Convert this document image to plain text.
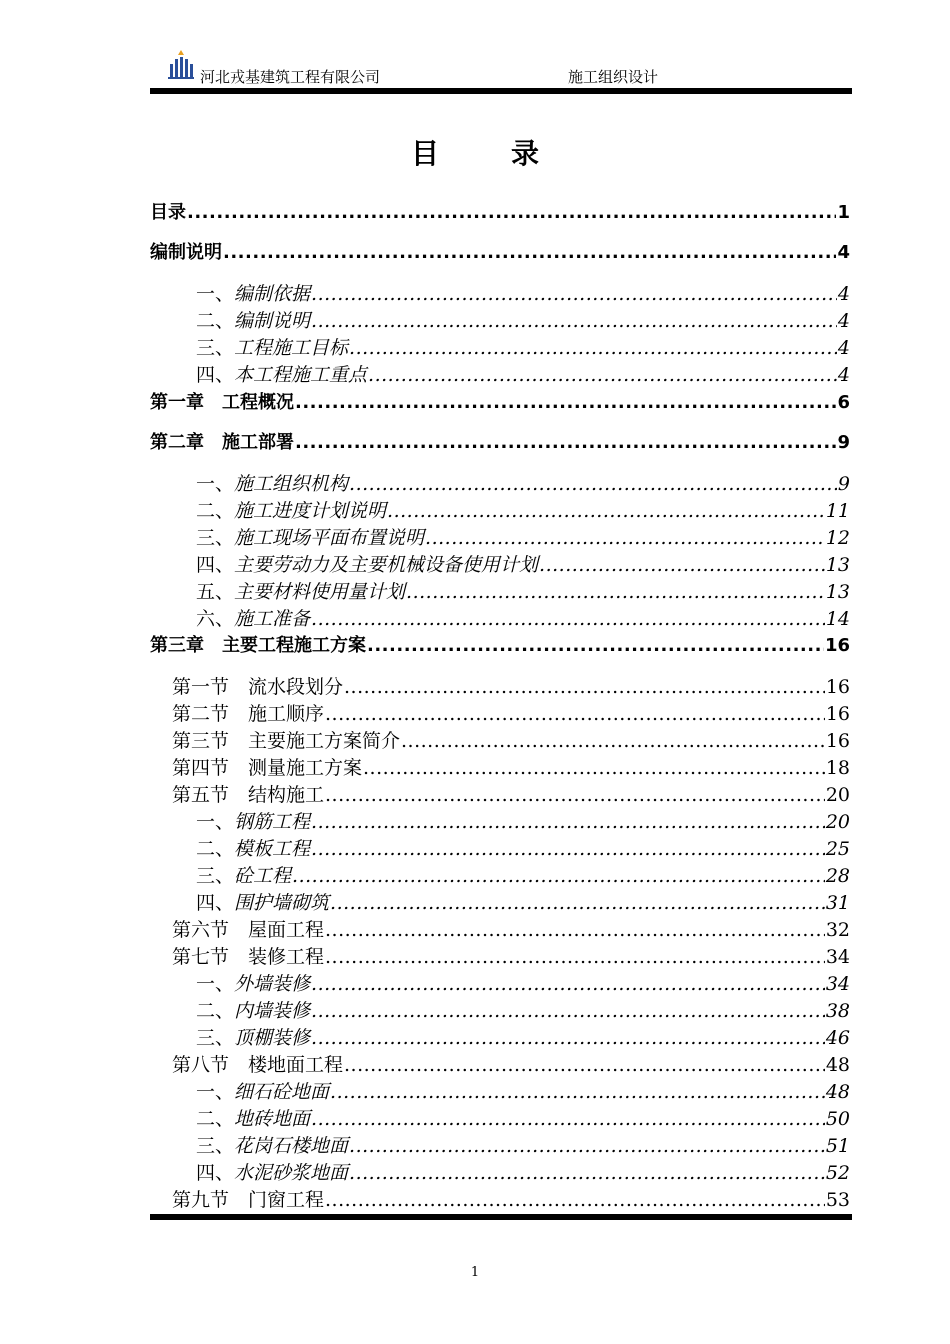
河北戎基建筑工程有限公司	施工组织设计
目录
目录 .....	1
编制说明 .....	4
一、编制依据 .....	4
二、编制说明 .....	4
三、工程施工目标 .....	4
四、本工程施工重点 .....	4
第一章　工程概况 .....	6
第二章　施工部署 .....	9
一、施工组织机构 .....	9
二、施工进度计划说明 .....	11
三、施工现场平面布置说明 .....	12
四、主要劳动力及主要机械设备使用计划 .....	13
五、主要材料使用量计划 .....	13
六、施工准备 .....	14
第三章　主要工程施工方案 .....	16
第一节　流水段划分 .....	16
第二节　施工顺序 .....	16
第三节　主要施工方案简介 .....	16
第四节　测量施工方案 .....	18
第五节　结构施工 .....	20
一、钢筋工程 .....	20
二、模板工程 .....	25
三、砼工程 .....	28
四、围护墙砌筑 .....	31
第六节　屋面工程 .....	32
第七节　装修工程 .....	34
一、外墙装修 .....	34
二、内墙装修 .....	38
三、顶棚装修 .....	46
第八节　楼地面工程 .....	48
一、细石砼地面 .....	48
二、地砖地面 .....	50
三、花岗石楼地面 .....	51
四、水泥砂浆地面 .....	52
第九节　门窗工程 .....	53
1
